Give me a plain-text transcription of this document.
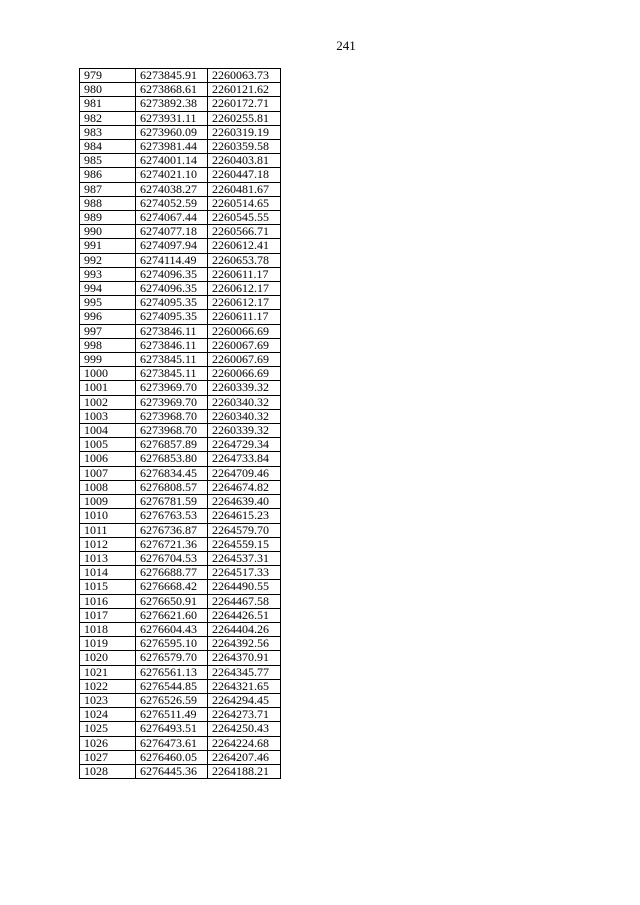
241
979	6273845.91	2260063.73
980	6273868.61	2260121.62
981	6273892.38	2260172.71
982	6273931.11	2260255.81
983	6273960.09	2260319.19
984	6273981.44	2260359.58
985	6274001.14	2260403.81
986	6274021.10	2260447.18
987	6274038.27	2260481.67
988	6274052.59	2260514.65
989	6274067.44	2260545.55
990	6274077.18	2260566.71
991	6274097.94	2260612.41
992	6274114.49	2260653.78
993	6274096.35	2260611.17
994	6274096.35	2260612.17
995	6274095.35	2260612.17
996	6274095.35	2260611.17
997	6273846.11	2260066.69
998	6273846.11	2260067.69
999	6273845.11	2260067.69
1000	6273845.11	2260066.69
1001	6273969.70	2260339.32
1002	6273969.70	2260340.32
1003	6273968.70	2260340.32
1004	6273968.70	2260339.32
1005	6276857.89	2264729.34
1006	6276853.80	2264733.84
1007	6276834.45	2264709.46
1008	6276808.57	2264674.82
1009	6276781.59	2264639.40
1010	6276763.53	2264615.23
1011	6276736.87	2264579.70
1012	6276721.36	2264559.15
1013	6276704.53	2264537.31
1014	6276688.77	2264517.33
1015	6276668.42	2264490.55
1016	6276650.91	2264467.58
1017	6276621.60	2264426.51
1018	6276604.43	2264404.26
1019	6276595.10	2264392.56
1020	6276579.70	2264370.91
1021	6276561.13	2264345.77
1022	6276544.85	2264321.65
1023	6276526.59	2264294.45
1024	6276511.49	2264273.71
1025	6276493.51	2264250.43
1026	6276473.61	2264224.68
1027	6276460.05	2264207.46
1028	6276445.36	2264188.21
